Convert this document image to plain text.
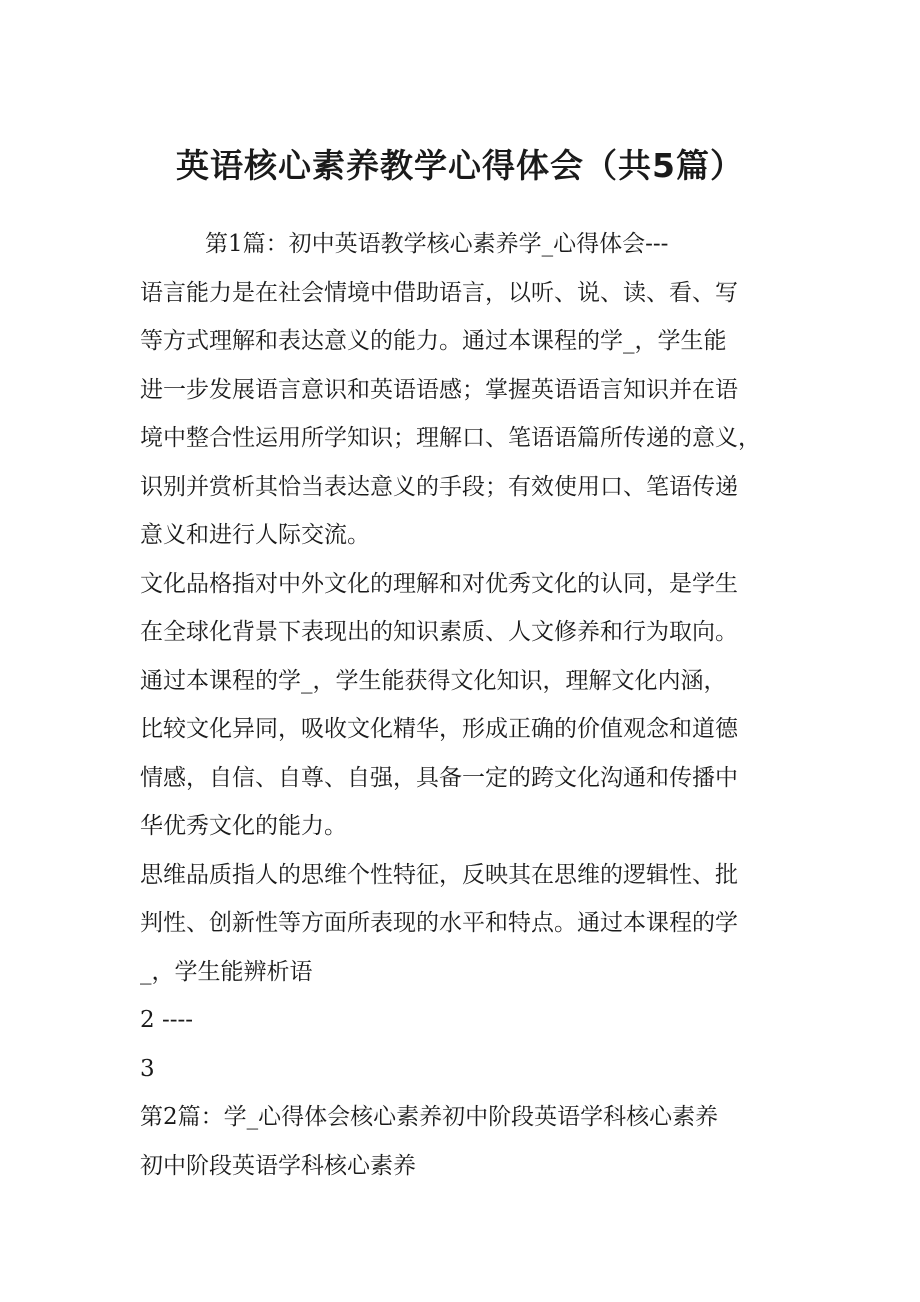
英语核心素养教学心得体会（共5篇）
第1篇：初中英语教学核心素养学_心得体会---
语言能力是在社会情境中借助语言，以听、说、读、看、写
等方式理解和表达意义的能力。通过本课程的学_，学生能
进一步发展语言意识和英语语感；掌握英语语言知识并在语
境中整合性运用所学知识；理解口、笔语语篇所传递的意义，
识别并赏析其恰当表达意义的手段；有效使用口、笔语传递
意义和进行人际交流。
文化品格指对中外文化的理解和对优秀文化的认同，是学生
在全球化背景下表现出的知识素质、人文修养和行为取向。
通过本课程的学_，学生能获得文化知识，理解文化内涵，
比较文化异同，吸收文化精华，形成正确的价值观念和道德
情感，自信、自尊、自强，具备一定的跨文化沟通和传播中
华优秀文化的能力。
思维品质指人的思维个性特征，反映其在思维的逻辑性、批
判性、创新性等方面所表现的水平和特点。通过本课程的学
_，学生能辨析语
2 ----
3
第2篇：学_心得体会核心素养初中阶段英语学科核心素养
初中阶段英语学科核心素养
